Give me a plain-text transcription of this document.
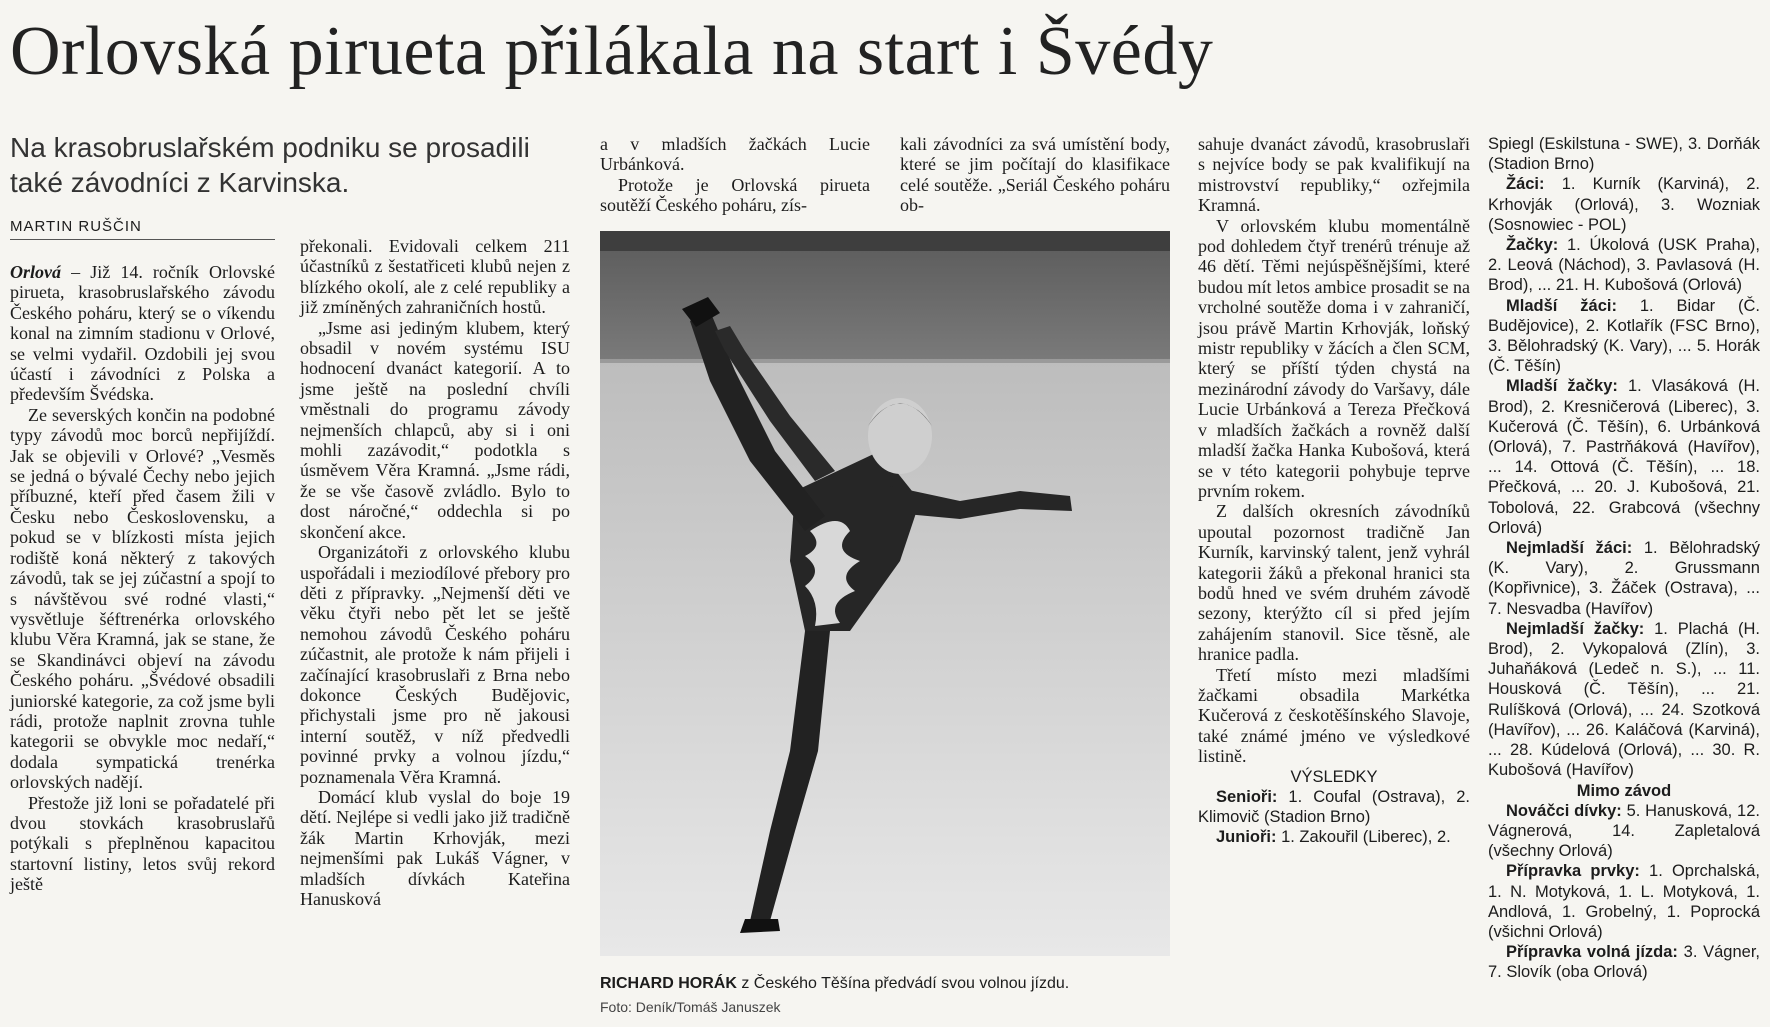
Orlovská pirueta přilákala na start i Švédy
Na krasobruslařském podniku se prosadili také závodníci z Karvinska.
MARTIN RUŠČIN

Orlová – Již 14. ročník Orlovské pirueta, krasobruslařského závodu Českého poháru, který se o víkendu konal na zimním stadionu v Orlové, se velmi vydařil. Ozdobili jej svou účastí i závodníci z Polska a především Švédska.

Ze severských končin na podobné typy závodů moc borců nepřijíždí. Jak se objevili v Orlové? „Vesměs se jedná o bývalé Čechy nebo jejich příbuzné, kteří před časem žili v Česku nebo Československu, a pokud se v blízkosti místa jejich rodiště koná některý z takových závodů, tak se jej zúčastní a spojí to s návštěvou své rodné vlasti,“ vysvětluje šéftrenérka orlovského klubu Věra Kramná, jak se stane, že se Skandinávci objeví na závodu Českého poháru. „Švédové obsadili juniorské kategorie, za což jsme byli rádi, protože naplnit zrovna tuhle kategorii se obvykle moc nedaří,“ dodala sympatická trenérka orlovských nadějí.

Přestože již loni se pořadatelé při dvou stovkách krasobruslařů potýkali s přeplněnou kapacitou startovní listiny, letos svůj rekord ještě

překonali. Evidovali celkem 211 účastníků z šestatřiceti klubů nejen z blízkého okolí, ale z celé republiky a již zmíněných zahraničních hostů.

„Jsme asi jediným klubem, který obsadil v novém systému ISU hodnocení dvanáct kategorií. A to jsme ještě na poslední chvíli vměstnali do programu závody nejmenších chlapců, aby si i oni mohli zazávodit,“ podotkla s úsměvem Věra Kramná. „Jsme rádi, že se vše časově zvládlo. Bylo to dost náročné,“ oddechla si po skončení akce.

Organizátoři z orlovského klubu uspořádali i meziodílové přebory pro děti z přípravky. „Nejmenší děti ve věku čtyři nebo pět let se ještě nemohou závodů Českého poháru zúčastnit, ale protože k nám přijeli i začínající krasobruslaři z Brna nebo dokonce Českých Budějovic, přichystali jsme pro ně jakousi interní soutěž, v níž předvedli povinné prvky a volnou jízdu,“ poznamenala Věra Kramná.

Domácí klub vyslal do boje 19 dětí. Nejlépe si vedli jako již tradičně žák Martin Krhovják, mezi nejmenšími pak Lukáš Vágner, v mladších dívkách Kateřina Hanusková

a v mladších žačkách Lucie Urbánková.

Protože je Orlovská pirueta soutěží Českého poháru, zís-

kali závodníci za svá umístění body, které se jim počítají do klasifikace celé soutěže. „Seriál Českého poháru ob-

RICHARD HORÁK z Českého Těšína předvádí svou volnou jízdu.
Foto: Deník/Tomáš Januszek

sahuje dvanáct závodů, krasobruslaři s nejvíce body se pak kvalifikují na mistrovství republiky,“ ozřejmila Kramná.

V orlovském klubu momentálně pod dohledem čtyř trenérů trénuje až 46 dětí. Těmi nejúspěšnějšími, které budou mít letos ambice prosadit se na vrcholné soutěže doma i v zahraničí, jsou právě Martin Krhovják, loňský mistr republiky v žácích a člen SCM, který se příští týden chystá na mezinárodní závody do Varšavy, dále Lucie Urbánková a Tereza Přečková v mladších žačkách a rovněž další mladší žačka Hanka Kubošová, která se v této kategorii pohybuje teprve prvním rokem.

Z dalších okresních závodníků upoutal pozornost tradičně Jan Kurník, karvinský talent, jenž vyhrál kategorii žáků a překonal hranici sta bodů hned ve svém druhém závodě sezony, kterýžto cíl si před jejím zahájením stanovil. Sice těsně, ale hranice padla.

Třetí místo mezi mladšími žačkami obsadila Markétka Kučerová z českotěšínského Slavoje, také známé jméno ve výsledkové listině.

VÝSLEDKY
Senioři: 1. Coufal (Ostrava), 2. Klimovič (Stadion Brno)
Junioři: 1. Zakouřil (Liberec), 2.

Spiegl (Eskilstuna - SWE), 3. Dorňák (Stadion Brno)

Žáci: 1. Kurník (Karviná), 2. Krhovják (Orlová), 3. Wozniak (Sosnowiec - POL)

Žačky: 1. Úkolová (USK Praha), 2. Leová (Náchod), 3. Pavlasová (H. Brod), ... 21. H. Kubošová (Orlová)

Mladší žáci: 1. Bidar (Č. Budějovice), 2. Kotlařík (FSC Brno), 3. Bělohradský (K. Vary), ... 5. Horák (Č. Těšín)

Mladší žačky: 1. Vlasáková (H. Brod), 2. Kresničerová (Liberec), 3. Kučerová (Č. Těšín), 6. Urbánková (Orlová), 7. Pastrňáková (Havířov), ... 14. Ottová (Č. Těšín), ... 18. Přečková, ... 20. J. Kubošová, 21. Tobolová, 22. Grabcová (všechny Orlová)

Nejmladší žáci: 1. Bělohradský (K. Vary), 2. Grussmann (Kopřivnice), 3. Žáček (Ostrava), ... 7. Nesvadba (Havířov)

Nejmladší žačky: 1. Plachá (H. Brod), 2. Vykopalová (Zlín), 3. Juhaňáková (Ledeč n. S.), ... 11. Housková (Č. Těšín), ... 21. Rulíšková (Orlová), ... 24. Szotková (Havířov), ... 26. Kaláčová (Karviná), ... 28. Kúdelová (Orlová), ... 30. R. Kubošová (Havířov)

Mimo závod

Nováčci dívky: 5. Hanusková, 12. Vágnerová, 14. Zapletalová (všechny Orlová)

Přípravka prvky: 1. Oprchalská, 1. N. Motyková, 1. L. Motyková, 1. Andlová, 1. Grobelný, 1. Poprocká (všichni Orlová)

Přípravka volná jízda: 3. Vágner, 7. Slovík (oba Orlová)
